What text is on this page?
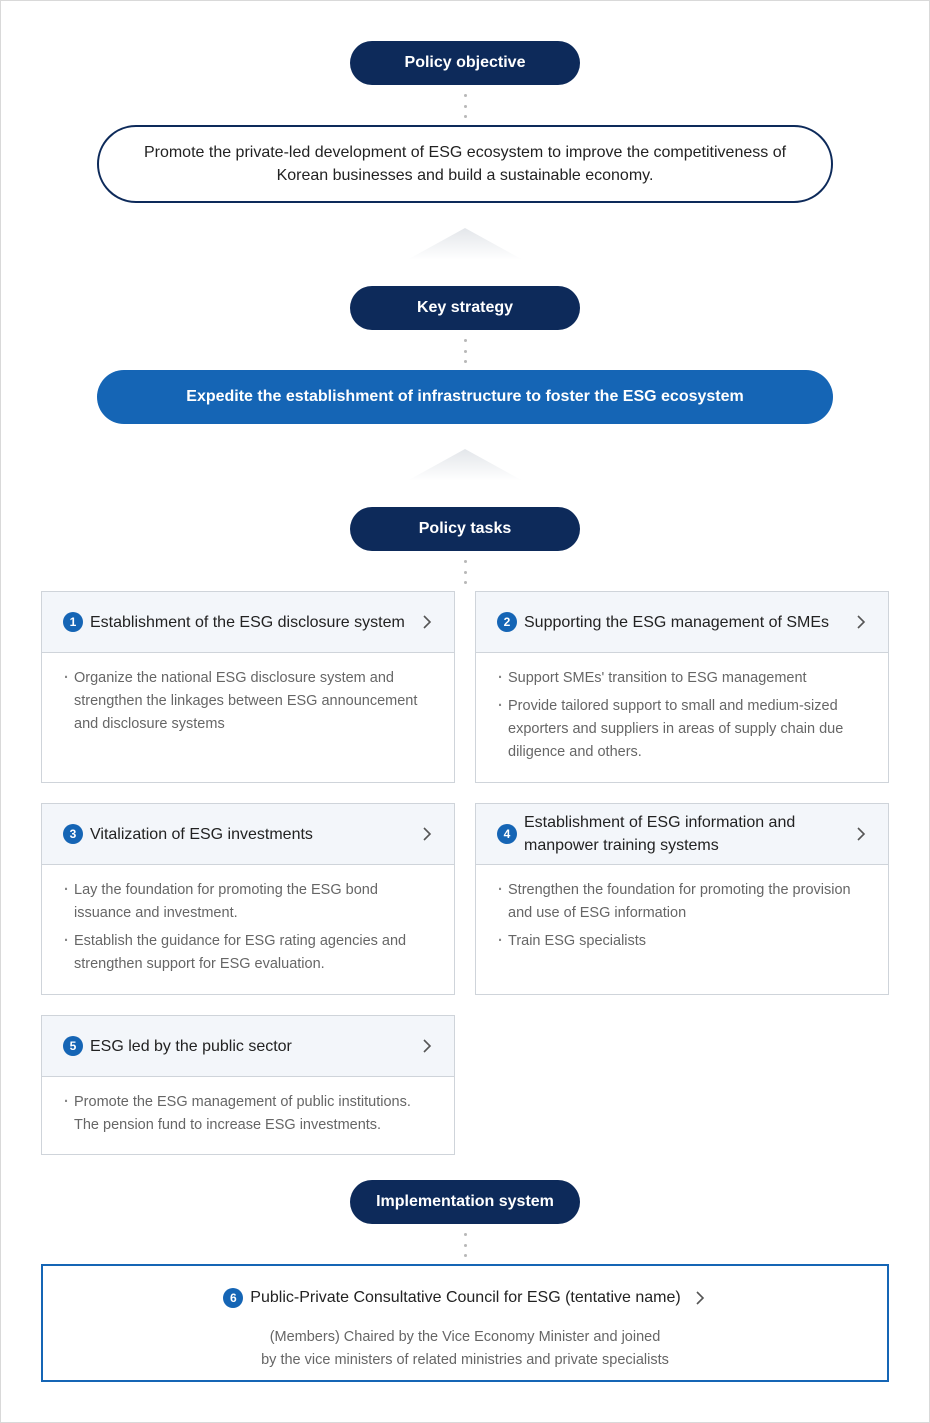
Policy objective
Promote the private-led development of ESG ecosystem to improve the competitiveness of Korean businesses and build a sustainable economy.
Key strategy
Expedite the establishment of infrastructure to foster the ESG ecosystem
Policy tasks
1 Establishment of the ESG disclosure system
· Organize the national ESG disclosure system and strengthen the linkages between ESG announcement and disclosure systems
2 Supporting the ESG management of SMEs
· Support SMEs' transition to ESG management
· Provide tailored support to small and medium-sized exporters and suppliers in areas of supply chain due diligence and others.
3 Vitalization of ESG investments
· Lay the foundation for promoting the ESG bond issuance and investment.
· Establish the guidance for ESG rating agencies and strengthen support for ESG evaluation.
4
Establishment of ESG information and manpower training systems
· Strengthen the foundation for promoting the provision and use of ESG information
· Train ESG specialists
5 ESG led by the public sector
· Promote the ESG management of public institutions. The pension fund to increase ESG investments.
Implementation system
6 Public-Private Consultative Council for ESG (tentative name)
(Members) Chaired by the Vice Economy Minister and joined
by the vice ministers of related ministries and private specialists
